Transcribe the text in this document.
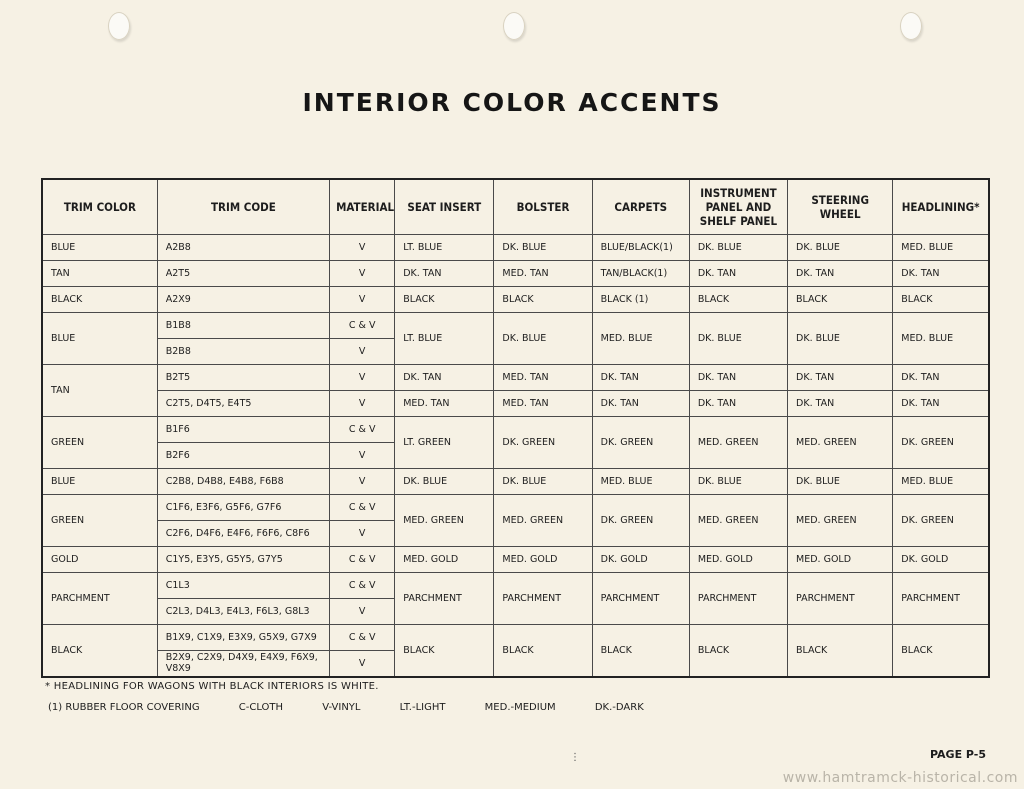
INTERIOR COLOR ACCENTS
TRIM COLOR	TRIM CODE	MATERIAL	SEAT INSERT	BOLSTER	CARPETS	INSTRUMENT PANEL AND SHELF PANEL	STEERING WHEEL	HEADLINING*
BLUE	A2B8	V	LT. BLUE	DK. BLUE	BLUE/BLACK(1)	DK. BLUE	DK. BLUE	MED. BLUE
TAN	A2T5	V	DK. TAN	MED. TAN	TAN/BLACK(1)	DK. TAN	DK. TAN	DK. TAN
BLACK	A2X9	V	BLACK	BLACK	BLACK (1)	BLACK	BLACK	BLACK
BLUE	B1B8	C & V	LT. BLUE	DK. BLUE	MED. BLUE	DK. BLUE	DK. BLUE	MED. BLUE
	B2B8	V						
TAN	B2T5	V	DK. TAN	MED. TAN	DK. TAN	DK. TAN	DK. TAN	DK. TAN
	C2T5, D4T5, E4T5	V	MED. TAN	MED. TAN	DK. TAN	DK. TAN	DK. TAN	DK. TAN
GREEN	B1F6	C & V	LT. GREEN	DK. GREEN	DK. GREEN	MED. GREEN	MED. GREEN	DK. GREEN
	B2F6	V						
BLUE	C2B8, D4B8, E4B8, F6B8	V	DK. BLUE	DK. BLUE	MED. BLUE	DK. BLUE	DK. BLUE	MED. BLUE
GREEN	C1F6, E3F6, G5F6, G7F6	C & V	MED. GREEN	MED. GREEN	DK. GREEN	MED. GREEN	MED. GREEN	DK. GREEN
	C2F6, D4F6, E4F6, F6F6, C8F6	V						
GOLD	C1Y5, E3Y5, G5Y5, G7Y5	C & V	MED. GOLD	MED. GOLD	DK. GOLD	MED. GOLD	MED. GOLD	DK. GOLD
PARCHMENT	C1L3	C & V	PARCHMENT	PARCHMENT	PARCHMENT	PARCHMENT	PARCHMENT	PARCHMENT
	C2L3, D4L3, E4L3, F6L3, G8L3	V						
BLACK	B1X9, C1X9, E3X9, G5X9, G7X9	C & V	BLACK	BLACK	BLACK	BLACK	BLACK	BLACK
	B2X9, C2X9, D4X9, E4X9, F6X9, V8X9	V						
* HEADLINING FOR WAGONS WITH BLACK INTERIORS IS WHITE.
(1) RUBBER FLOOR COVERING	C-CLOTH	V-VINYL	LT.-LIGHT	MED.-MEDIUM	DK.-DARK
⋮	PAGE P-5
www.hamtramck-historical.com
